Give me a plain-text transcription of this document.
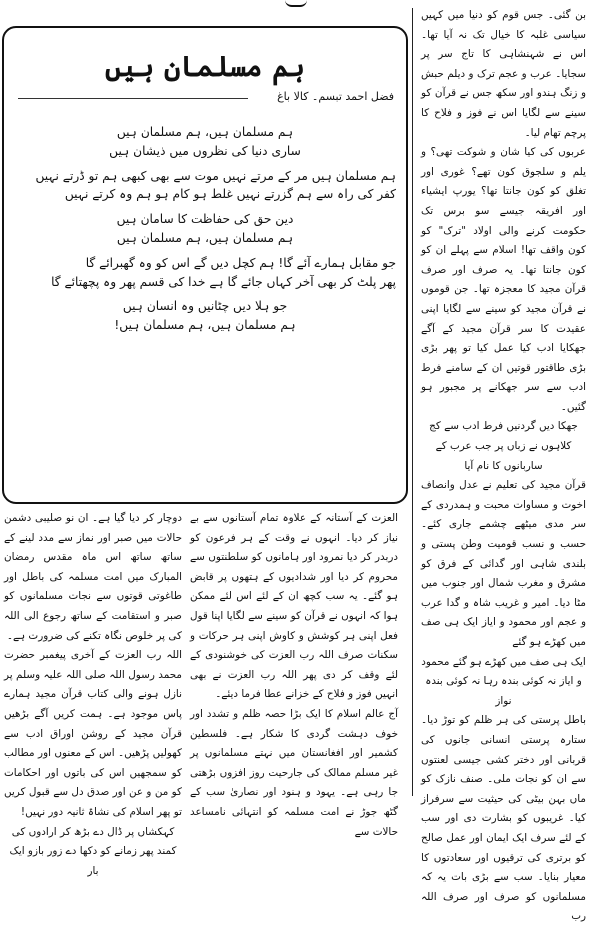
بن گئی۔ جس قوم کو دنیا میں کہیں سیاسی غلبہ کا خیال تک نہ آیا تھا۔ اس نے شہنشاہی کا تاج سر پر سجایا۔ عرب و عجم ترک و دیلم حبش و زنگ ہندو اور سکھ جس نے قرآن کو سینے سے لگایا اس نے فوز و فلاح کا پرچم تھام لیا۔

عربوں کی کیا شان و شوکت تھی؟ و یلم و سلجوق کون تھے؟ غوری اور تغلق کو کون جانتا تھا؟ یورپ ایشیاء اور افریقہ جیسے سو برس تک حکومت کرنے والی اولاد "ترک" کو کون واقف تھا! اسلام سے پہلے ان کو کون جانتا تھا۔ یہ صرف اور صرف قرآن مجید کا معجزہ تھا۔ جن قوموں نے قرآن مجید کو سینے سے لگایا اپنی عقیدت کا سر قرآن مجید کے آگے جھکایا ادب کیا عمل کیا تو پھر بڑی بڑی طاقتور قوتیں ان کے سامنے فرط ادب سے سر جھکانے پر مجبور ہو گئیں۔

جھکا دیں گردنیں فرط ادب سے کج کلاہوں نے زباں پر جب عرب کے ساربانوں کا نام آیا

قرآن مجید کی تعلیم نے عدل وانصاف اخوت و مساوات محبت و ہمدردی کے سر مدی میٹھے چشمے جاری کئے۔ حسب و نسب قومیت وطن پستی و بلندی شاہی اور گدائی کے فرق کو مشرق و مغرب شمال اور جنوب میں مٹا دیا۔ امیر و غریب شاہ و گدا عرب و عجم اور محمود و ایاز ایک ہی صف میں کھڑے ہو گئے

ایک ہی صف میں کھڑے ہو گئے محمود و ایاز نہ کوئی بندہ رہا نہ کوئی بندہ نواز

باطل پرستی کی ہر ظلم کو توڑ دیا۔ ستارہ پرستی انسانی جانوں کی قربانی اور دختر کشی جیسی لعنتوں سے ان کو نجات ملی۔ صنف نازک کو ماں بہن بیٹی کی حیثیت سے سرفراز کیا۔ غریبوں کو بشارت دی اور سب کے لئے سرف ایک ایمان اور عمل صالح کو برتری کی ترقیوں اور سعادتوں کا معیار بنایا۔ سب سے بڑی بات یہ کہ مسلمانوں کو صرف اور صرف اللہ رب

ہم مسلمان ہیں
فضل احمد تبسم۔ کالا باغ
ہم مسلمان ہیں، ہم مسلمان ہیں
ساری دنیا کی نظروں میں ذیشان ہیں
ہم مسلمان ہیں مر کے مرتے نہیں موت سے بھی کبھی ہم تو ڈرتے نہیں
کفر کی راہ سے ہم گزرتے نہیں غلط ہو کام ہو ہم وہ کرتے نہیں
دین حق کی حفاظت کا سامان ہیں
ہم مسلمان ہیں، ہم مسلمان ہیں
جو مقابل ہمارے آئے گا! ہم کچل دیں گے اس کو وہ گھبرائے گا
پھر پلٹ کر بھی آخر کہاں جائے گا ہے خدا کی قسم پھر وہ پچھتائے گا
جو ہلا دیں چٹانیں وہ انسان ہیں
ہم مسلمان ہیں، ہم مسلمان ہیں!

العزت کے آستانہ کے علاوہ تمام آستانوں سے بے نیاز کر دیا۔ انہوں نے وقت کے ہر فرعون کو دربدر کر دیا نمرود اور ہامانوں کو سلطنتوں سے محروم کر دیا اور شدادیوں کے ہتھوں پر قابض ہو گئے۔ یہ سب کچھ ان کے لئے اس لئے ممکن ہوا کہ انہوں نے قرآن کو سینے سے لگایا اپنا قول فعل اپنی ہر کوشش و کاوش اپنی ہر حرکات و سکنات صرف اللہ رب العزت کی خوشنودی کے لئے وقف کر دی پھر اللہ رب العزت نے بھی انہیں فوز و فلاح کے خزانے عطا فرما دیئے۔

آج عالم اسلام کا ایک بڑا حصہ ظلم و تشدد اور خوف دہشت گردی کا شکار ہے۔ فلسطین کشمیر اور افغانستان میں نہتے مسلمانوں پر غیر مسلم ممالک کی جارحیت روز افزوں بڑھتی جا رہی ہے۔ یہود و ہنود اور نصاریٰ سب کے گٹھ جوڑ نے امت مسلمہ کو انتہائی نامساعد حالات سے

دوچار کر دیا گیا ہے۔ ان نو صلیبی دشمن حالات میں صبر اور نماز سے مدد لینے کے ساتھ ساتھ اس ماہ مقدس رمضان المبارک میں امت مسلمہ کی باطل اور طاغوتی قوتوں سے نجات مسلمانوں کو صبر و استقامت کے ساتھ رجوع الی اللہ کی پر خلوص نگاہ تکنے کی ضرورت ہے۔

اللہ رب العزت کے آخری پیغمبر حضرت محمد رسول اللہ صلی اللہ علیہ وسلم پر نازل ہونے والی کتاب قرآن مجید ہمارے پاس موجود ہے۔ ہمت کریں آگے بڑھیں قرآن مجید کے روشن اوراق ادب سے کھولیں پڑھیں۔ اس کے معنوں اور مطالب کو سمجھیں اس کی باتوں اور احکامات کو من و عن اور صدق دل سے قبول کریں تو پھر اسلام کی نشاۃ ثانیہ دور نہیں!

کہکشاں پر ڈال دے بڑھ کر ارادوں کی کمند پھر زمانے کو دکھا دے زور بازو ایک بار
